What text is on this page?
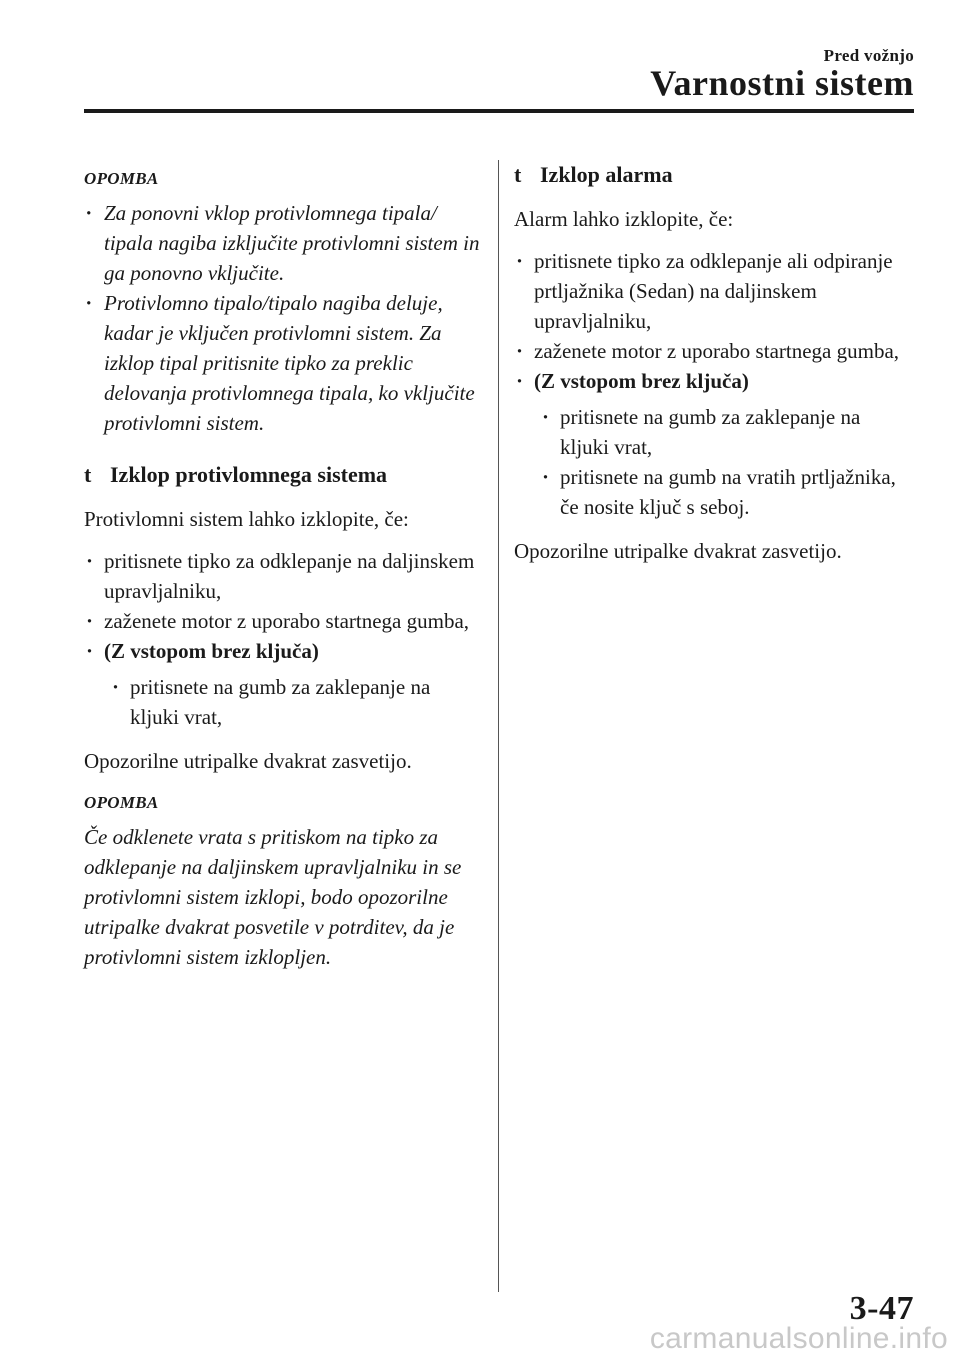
Pred vožnjo
Varnostni sistem
OPOMBA

· Za ponovni vklop protivlomnega tipala/ tipala nagiba izključite protivlomni sistem in ga ponovno vključite.

· Protivlomno tipalo/tipalo nagiba deluje, kadar je vključen protivlomni sistem. Za izklop tipal pritisnite tipko za preklic delovanja protivlomnega tipala, ko vključite protivlomni sistem.

t Izklop protivlomnega sistema

Protivlomni sistem lahko izklopite, če:

· pritisnete tipko za odklepanje na daljinskem upravljalniku,

· zaženete motor z uporabo startnega gumba,

· (Z vstopom brez ključa)

· pritisnete na gumb za zaklepanje na kljuki vrat,

Opozorilne utripalke dvakrat zasvetijo.

OPOMBA

Če odklenete vrata s pritiskom na tipko za odklepanje na daljinskem upravljalniku in se protivlomni sistem izklopi, bodo opozorilne utripalke dvakrat posvetile v potrditev, da je protivlomni sistem izklopljen.

t Izklop alarma

Alarm lahko izklopite, če:

· pritisnete tipko za odklepanje ali odpiranje prtljažnika (Sedan) na daljinskem upravljalniku,

· zaženete motor z uporabo startnega gumba,

· (Z vstopom brez ključa)

· pritisnete na gumb za zaklepanje na kljuki vrat,

· pritisnete na gumb na vratih prtljažnika, če nosite ključ s seboj.

Opozorilne utripalke dvakrat zasvetijo.

3-47
carmanualsonline.info
